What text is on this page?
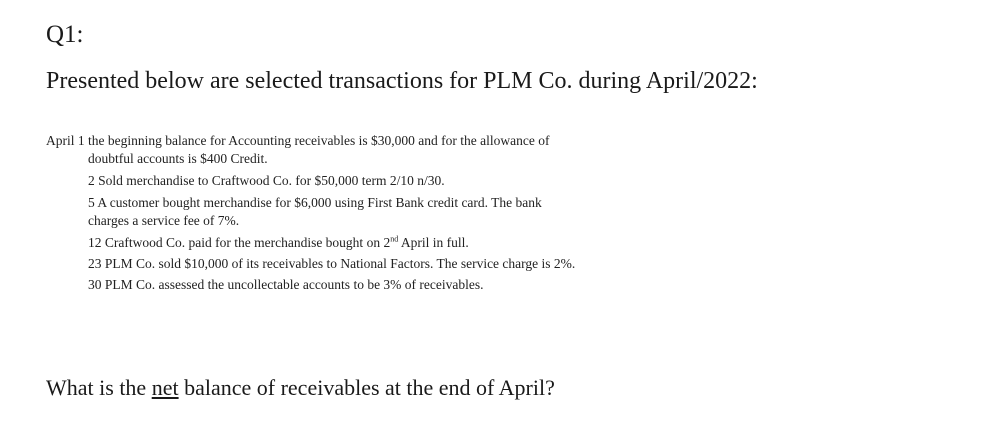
Q1:
Presented below are selected transactions for PLM Co. during April/2022:
April 1 the beginning balance for Accounting receivables is $30,000 and for the allowance of
doubtful accounts is $400 Credit.
2 Sold merchandise to Craftwood Co. for $50,000 term 2/10 n/30.
5 A customer bought merchandise for $6,000 using First Bank credit card. The bank
charges a service fee of 7%.
12 Craftwood Co. paid for the merchandise bought on 2nd April in full.
23 PLM Co. sold $10,000 of its receivables to National Factors. The service charge is 2%.
30 PLM Co. assessed the uncollectable accounts to be 3% of receivables.
What is the net balance of receivables at the end of April?
